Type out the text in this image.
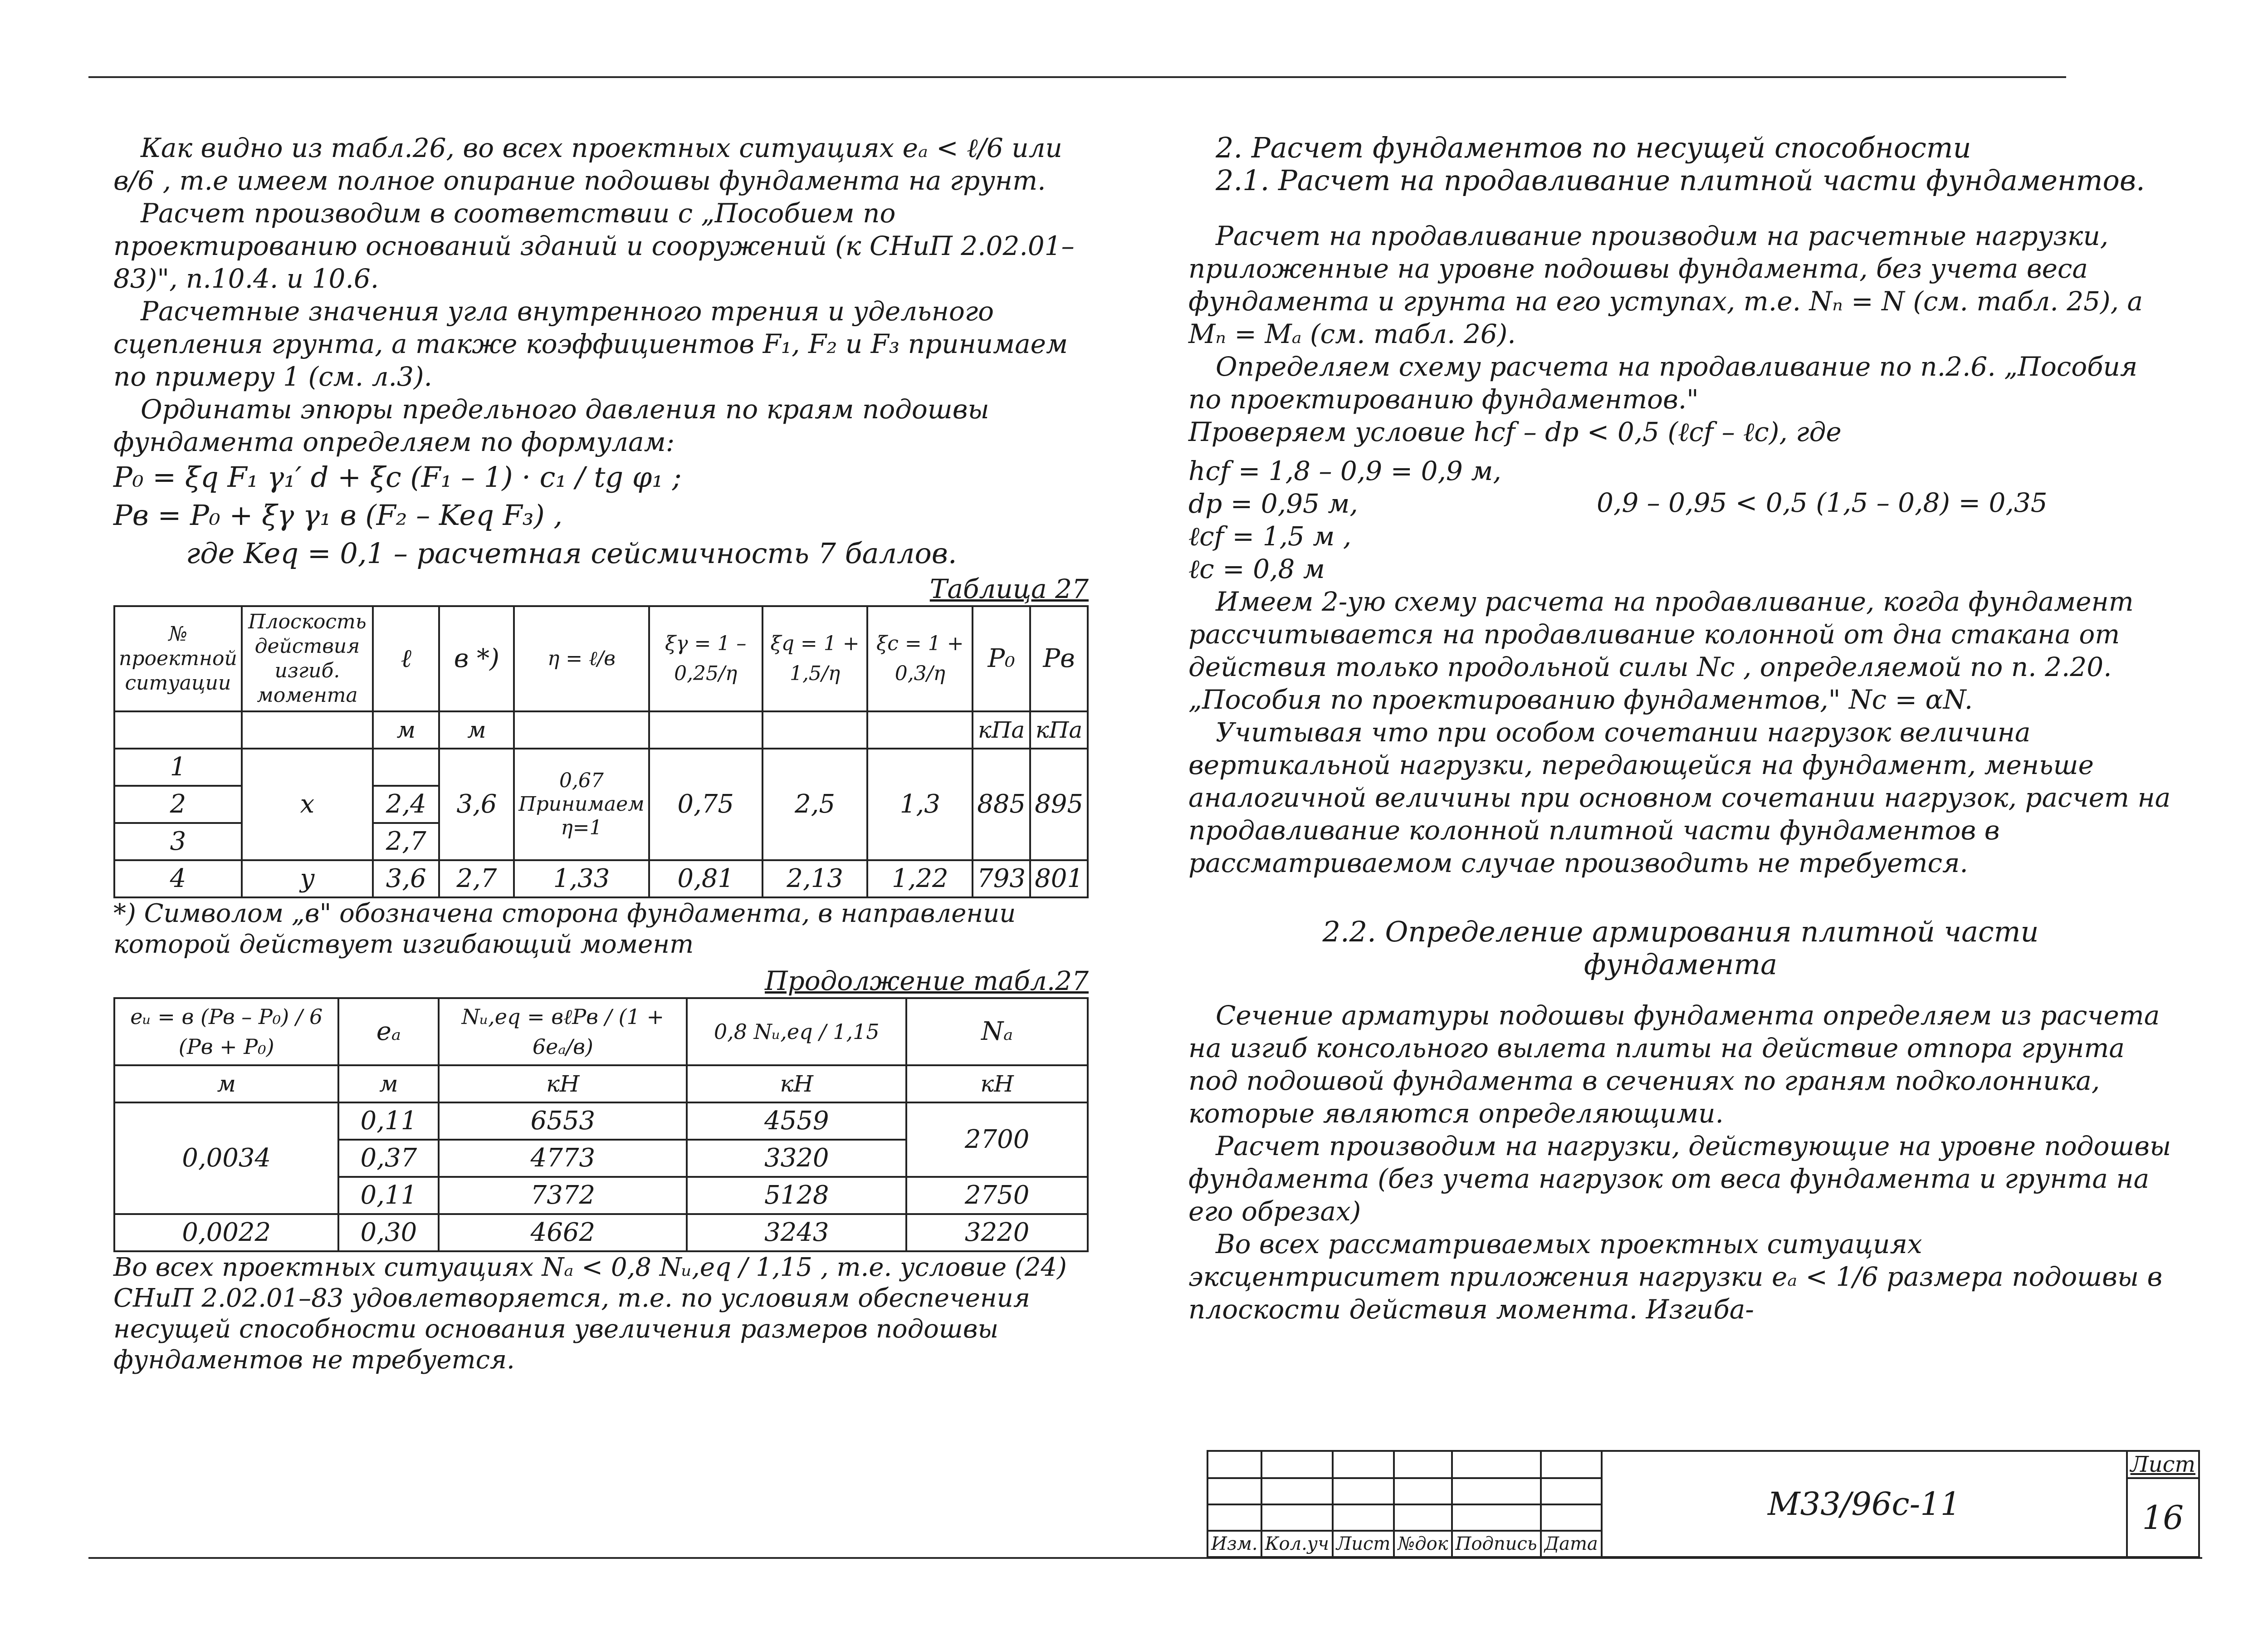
Как видно из табл.26, во всех проектных ситуациях eₐ < ℓ/6 или в/6 , т.е имеем полное опирание подошвы фундамента на грунт.

Расчет производим в соответствии с „Пособием по проектированию оснований зданий и сооружений (к СНиП 2.02.01–83)", п.10.4. и 10.6.

Расчетные значения угла внутренного трения и удельного сцепления грунта, а также коэффициентов F₁, F₂ и F₃ принимаем по примеру 1 (см. л.3).

Ординаты эпюры предельного давления по краям подошвы фундамента определяем по формулам:

P₀ = ξq F₁ γ₁′ d + ξc (F₁ – 1) · c₁ / tg φ₁ ;

Pв = P₀ + ξγ γ₁ в (F₂ – Keq F₃) ,

где Keq = 0,1 – расчетная сейсмичность 7 баллов.

Таблица 27

№ проектной ситуации	Плоскость действия изгиб. момента	ℓ	в *)	η = ℓ/в	ξγ = 1 – 0,25/η	ξq = 1 + 1,5/η	ξc = 1 + 0,3/η	P₀	Pв
		м	м					кПа	кПа
1	x		3,6	0,67 Принимаем η=1	0,75	2,5	1,3	885	895
2		2,4							
3		2,7							
4	y	3,6	2,7	1,33	0,81	2,13	1,22	793	801

*) Символом „в" обозначена сторона фундамента, в направлении которой действует изгибающий момент

Продолжение табл.27

eᵤ = в (Pв – P₀) / 6 (Pв + P₀)	eₐ	Nᵤ,eq = вℓPв / (1 + 6eₐ/в)	0,8 Nᵤ,eq / 1,15	Nₐ
м	м	кН	кН	кН
0,0034	0,11	6553	4559	2700
	0,37	4773	3320	
	0,11	7372	5128	2750
0,0022	0,30	4662	3243	3220

Во всех проектных ситуациях Nₐ < 0,8 Nᵤ,eq / 1,15 , т.е. условие (24) СНиП 2.02.01–83 удовлетворяется, т.е. по условиям обеспечения несущей способности основания увеличения размеров подошвы фундаментов не требуется.

2. Расчет фундаментов по несущей способности

2.1. Расчет на продавливание плитной части фундаментов.

Расчет на продавливание производим на расчетные нагрузки, приложенные на уровне подошвы фундамента, без учета веса фундамента и грунта на его уступах, т.е. Nₙ = N (см. табл. 25), а Mₙ = Mₐ (см. табл. 26).

Определяем схему расчета на продавливание по п.2.6. „Пособия по проектированию фундаментов."

Проверяем условие hcf – dp < 0,5 (ℓcf – ℓc), где

hcf = 1,8 – 0,9 = 0,9 м,

dp = 0,95 м,

ℓcf = 1,5 м ,

ℓc = 0,8 м

0,9 – 0,95 < 0,5 (1,5 – 0,8) = 0,35

Имеем 2-ую схему расчета на продавливание, когда фундамент рассчитывается на продавливание колонной от дна стакана от действия только продольной силы Nc , определяемой по п. 2.20. „Пособия по проектированию фундаментов," Nc = αN.

Учитывая что при особом сочетании нагрузок величина вертикальной нагрузки, передающейся на фундамент, меньше аналогичной величины при основном сочетании нагрузок, расчет на продавливание колонной плитной части фундаментов в рассматриваемом случае производить не требуется.

2.2. Определение армирования плитной части фундамента

Сечение арматуры подошвы фундамента определяем из расчета на изгиб консольного вылета плиты на действие отпора грунта под подошвой фундамента в сечениях по граням подколонника, которые являются определяющими.

Расчет производим на нагрузки, действующие на уровне подошвы фундамента (без учета нагрузок от веса фундамента и грунта на его обрезах)

Во всех рассматриваемых проектных ситуациях эксцентриситет приложения нагрузки eₐ < 1/6 размера подошвы в плоскости действия момента. Изгиба-

						М33/96с-11	Лист
							16

Изм.	Кол.уч	Лист	№док	Подпись	Дата		
